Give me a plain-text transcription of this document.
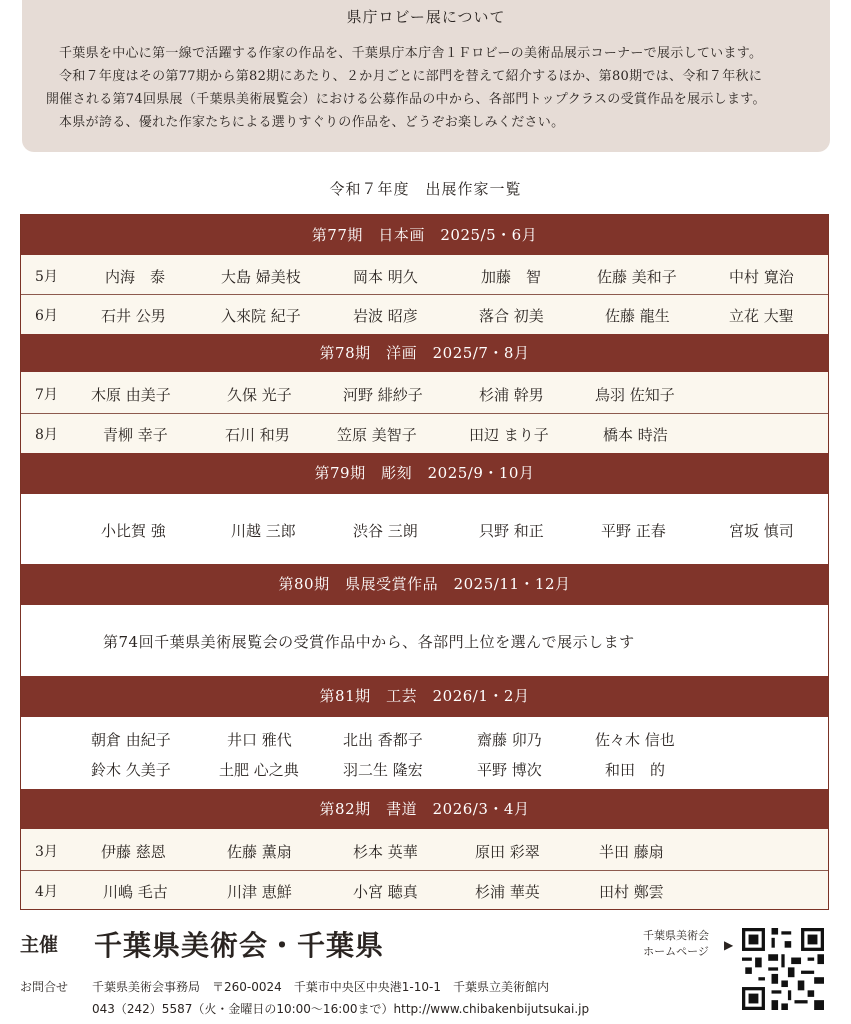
県庁ロビー展について

千葉県を中心に第一線で活躍する作家の作品を、千葉県庁本庁舎１Ｆロビーの美術品展示コーナーで展示しています。

令和７年度はその第77期から第82期にあたり、２か月ごとに部門を替えて紹介するほか、第80期では、令和７年秋に

開催される第74回県展（千葉県美術展覧会）における公募作品の中から、各部門トップクラスの受賞作品を展示します。

本県が誇る、優れた作家たちによる選りすぐりの作品を、どうぞお楽しみください。

令和７年度　出展作家一覧
第77期　日本画　2025/5・6月
5月	内海　泰	大島 婦美枝	岡本 明久	加藤　智	佐藤 美和子	中村 寛治
6月	石井 公男	入來院 紀子	岩波 昭彦	落合 初美	佐藤 龍生	立花 大聖
第78期　洋画　2025/7・8月
7月 木原 由美子	久保 光子	河野 緋紗子	杉浦 幹男	鳥羽 佐知子
8月	青柳 幸子	石川 和男	笠原 美智子	田辺 まり子	橋本 時浩
第79期　彫刻　2025/9・10月
小比賀 強	川越 三郎	渋谷 三朗	只野 和正	平野 正春	宮坂 慎司
第80期　県展受賞作品　2025/11・12月
第74回千葉県美術展覧会の受賞作品中から、各部門上位を選んで展示します
第81期　工芸　2026/1・2月
朝倉 由紀子	井口 雅代	北出 香都子	齋藤 卯乃	佐々木 信也
鈴木 久美子	土肥 心之典	羽二生 隆宏	平野 博次	和田　的
第82期　書道　2026/3・4月
3月	伊藤 慈恩	佐藤 薫扇	杉本 英華	原田 彩翠	半田 藤扇
4月	川嶋 毛古	川津 恵鮮	小宮 聴真	杉浦 華英	田村 鄭雲
主催 千葉県美術会・千葉県
お問合せ 千葉県美術会事務局　〒260-0024　千葉市中央区中央港1-10-1　千葉県立美術館内
043（242）5587（火・金曜日の10:00～16:00まで）http://www.chibakenbijutsukai.jp
千葉県美術会
ホームページ	▶
